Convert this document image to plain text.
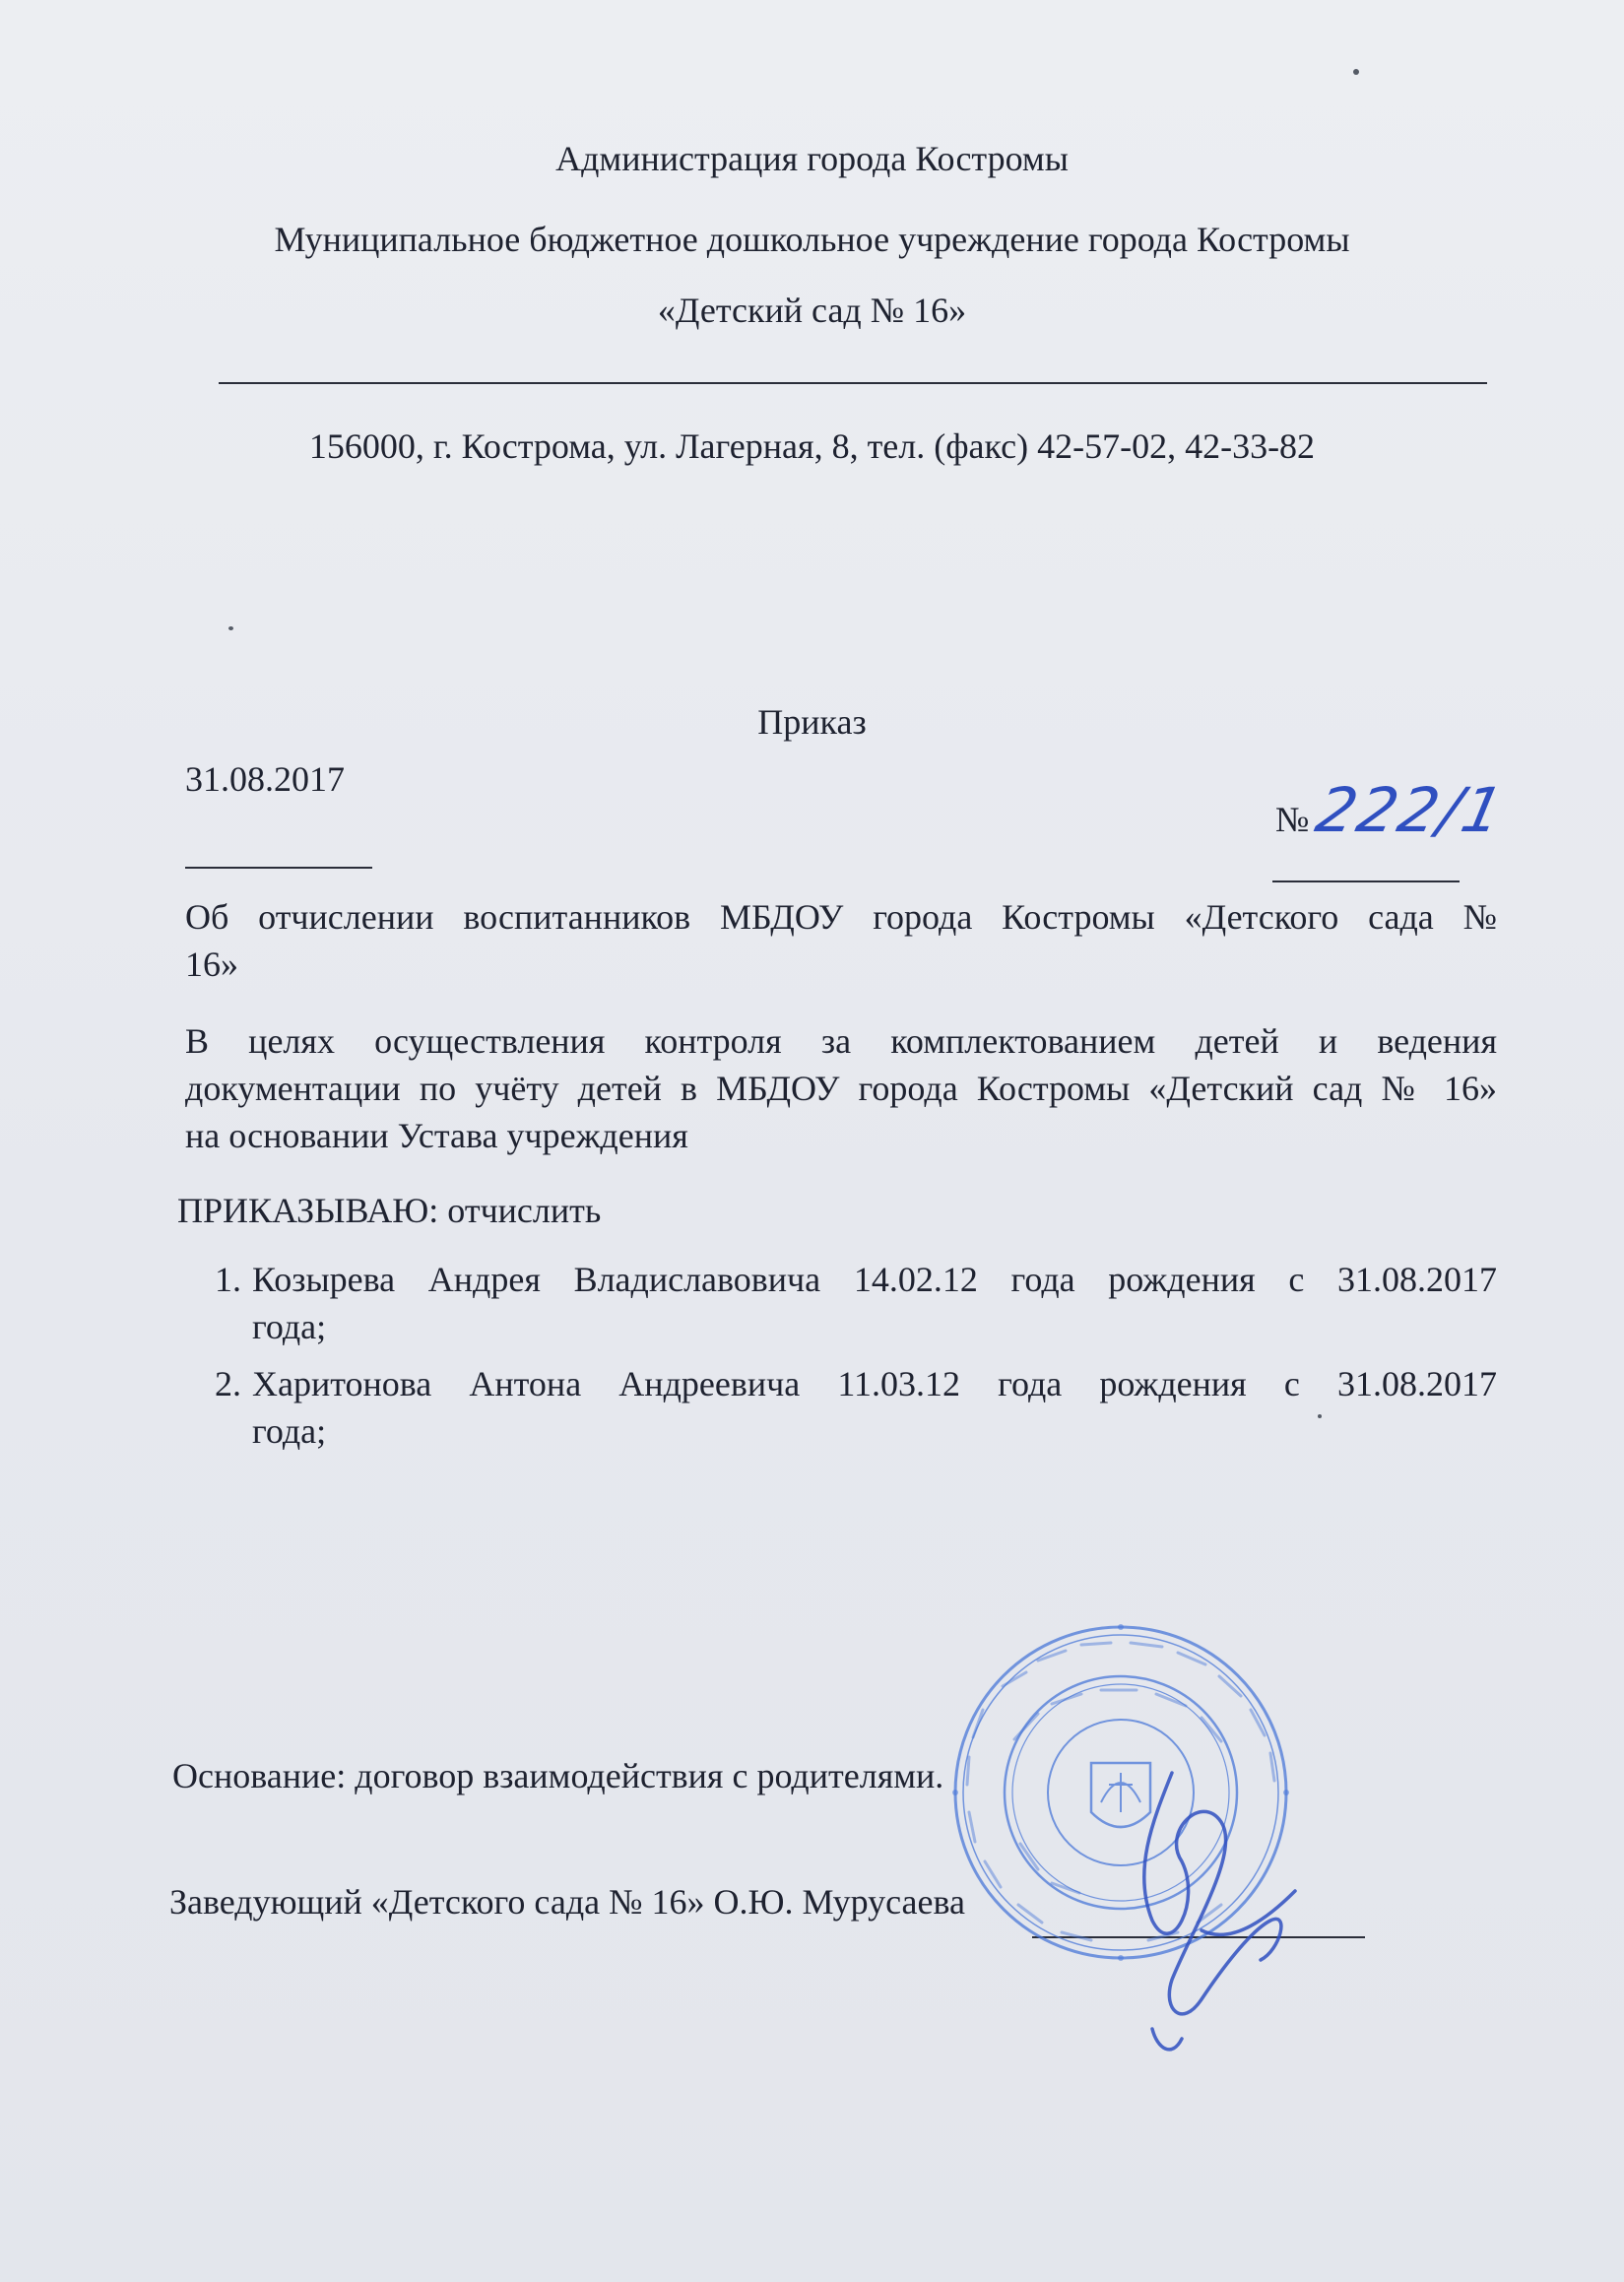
Администрация города Костромы
Муниципальное бюджетное дошкольное учреждение города Костромы
«Детский сад № 16»
156000, г. Кострома, ул. Лагерная, 8, тел. (факс) 42-57-02, 42-33-82
Приказ
31.08.2017
№ 222/1
Об отчислении воспитанников МБДОУ города Костромы «Детского сада №
16»
В целях осуществления контроля за комплектованием детей и ведения
документации по учёту детей в МБДОУ города Костромы «Детский сад № 16»
на основании Устава учреждения
ПРИКАЗЫВАЮ: отчислить
1. Козырева Андрея Владиславовича 14.02.12 года рождения с 31.08.2017
года;
2. Харитонова Антона Андреевича 11.03.12 года рождения с 31.08.2017
года;
Основание: договор взаимодействия с родителями.
Заведующий «Детского сада № 16» О.Ю. Мурусаева
